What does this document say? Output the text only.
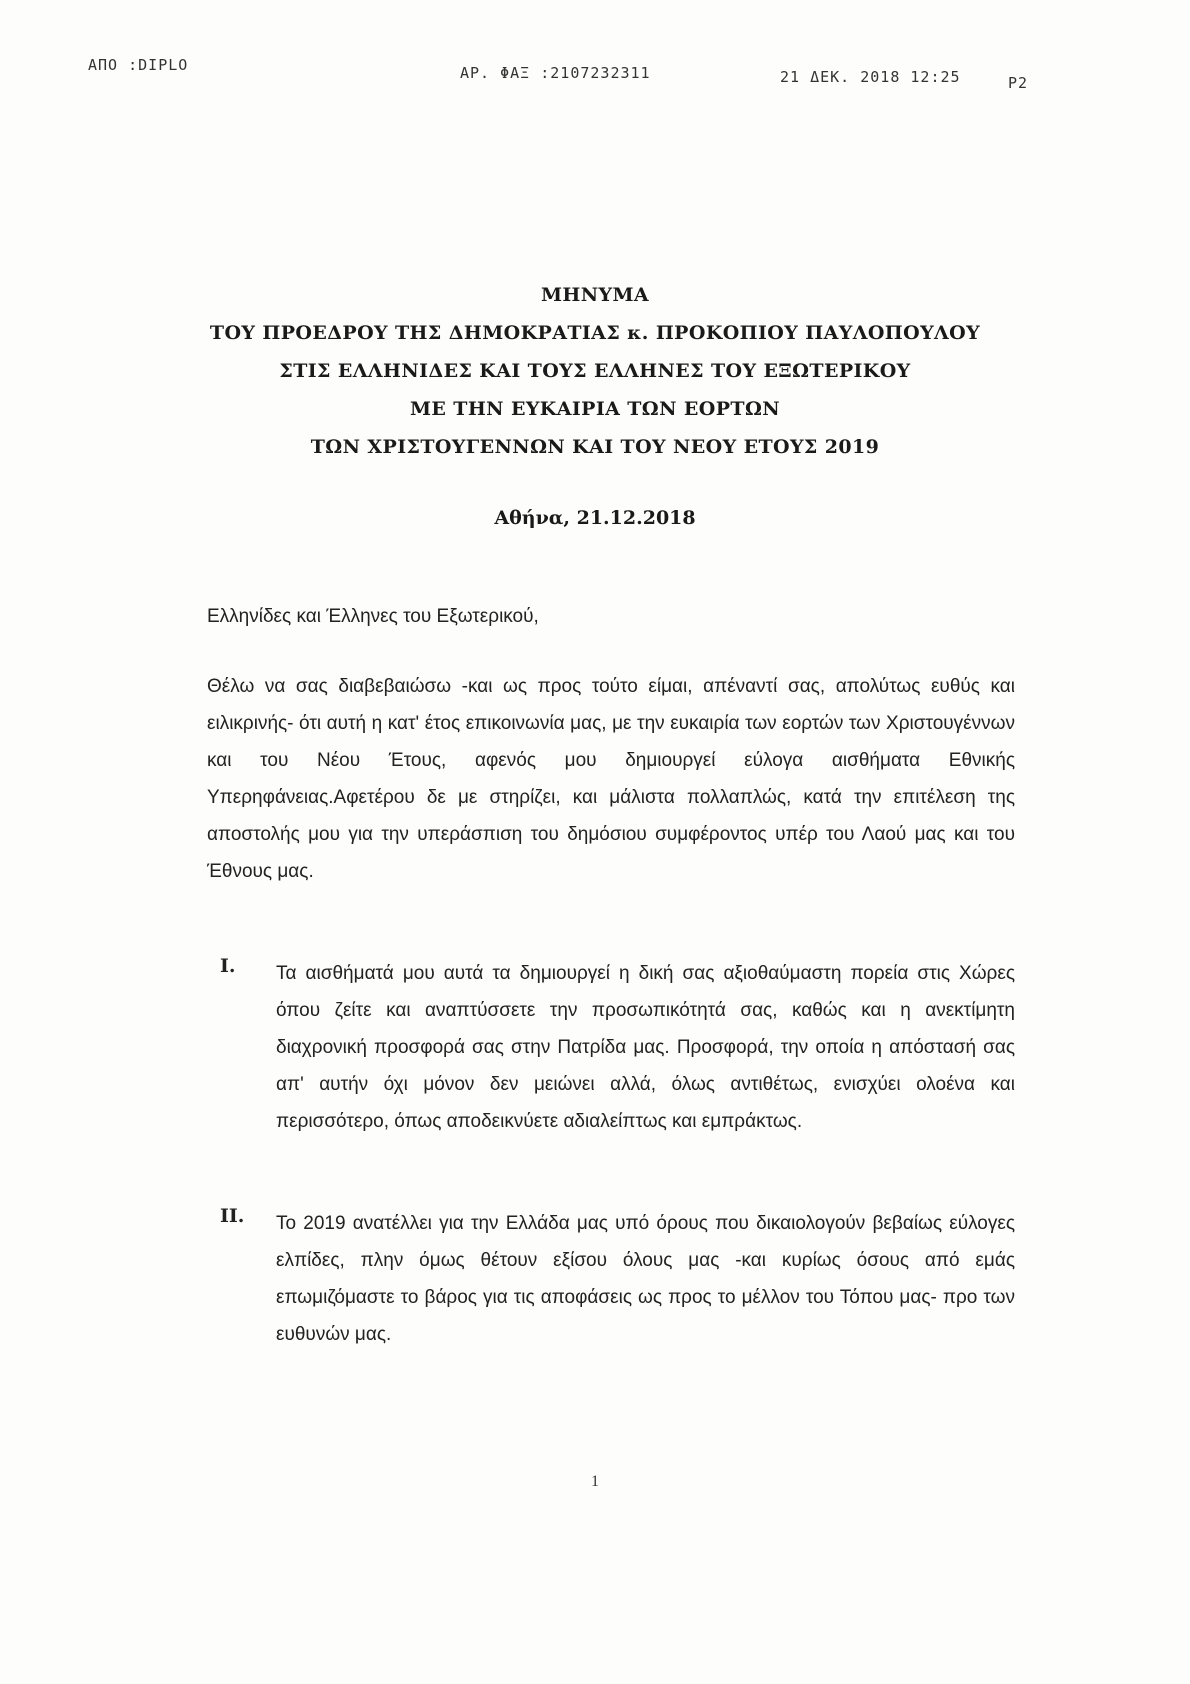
ΑΠΟ :DIPLO	ΑΡ. ΦΑΞ :2107232311	21 ΔΕΚ. 2018 12:25	P2
ΜΗΝΥΜΑ
ΤΟΥ ΠΡΟΕΔΡΟΥ ΤΗΣ ΔΗΜΟΚΡΑΤΙΑΣ κ. ΠΡΟΚΟΠΙΟΥ ΠΑΥΛΟΠΟΥΛΟΥ
ΣΤΙΣ ΕΛΛΗΝΙΔΕΣ ΚΑΙ ΤΟΥΣ ΕΛΛΗΝΕΣ ΤΟΥ ΕΞΩΤΕΡΙΚΟΥ
ΜΕ ΤΗΝ ΕΥΚΑΙΡΙΑ ΤΩΝ ΕΟΡΤΩΝ
ΤΩΝ ΧΡΙΣΤΟΥΓΕΝΝΩΝ ΚΑΙ ΤΟΥ ΝΕΟΥ ΕΤΟΥΣ 2019
Αθήνα, 21.12.2018
Ελληνίδες και Έλληνες του Εξωτερικού,
Θέλω να σας διαβεβαιώσω -και ως προς τούτο είμαι, απέναντί σας, απολύτως ευθύς και ειλικρινής- ότι αυτή η κατ' έτος επικοινωνία μας, με την ευκαιρία των εορτών των Χριστουγέννων και του Νέου Έτους, αφενός μου δημιουργεί εύλογα αισθήματα Εθνικής Υπερηφάνειας.Αφετέρου δε με στηρίζει, και μάλιστα πολλαπλώς, κατά την επιτέλεση της αποστολής μου για την υπεράσπιση του δημόσιου συμφέροντος υπέρ του Λαού μας και του Έθνους μας.
I. Τα αισθήματά μου αυτά τα δημιουργεί η δική σας αξιοθαύμαστη πορεία στις Χώρες όπου ζείτε και αναπτύσσετε την προσωπικότητά σας, καθώς και η ανεκτίμητη διαχρονική προσφορά σας στην Πατρίδα μας. Προσφορά, την οποία η απόστασή σας απ' αυτήν όχι μόνον δεν μειώνει αλλά, όλως αντιθέτως, ενισχύει ολοένα και περισσότερο, όπως αποδεικνύετε αδιαλείπτως και εμπράκτως.
II. Το 2019 ανατέλλει για την Ελλάδα μας υπό όρους που δικαιολογούν βεβαίως εύλογες ελπίδες, πλην όμως θέτουν εξίσου όλους μας -και κυρίως όσους από εμάς επωμιζόμαστε το βάρος για τις αποφάσεις ως προς το μέλλον του Τόπου μας- προ των ευθυνών μας.
1
